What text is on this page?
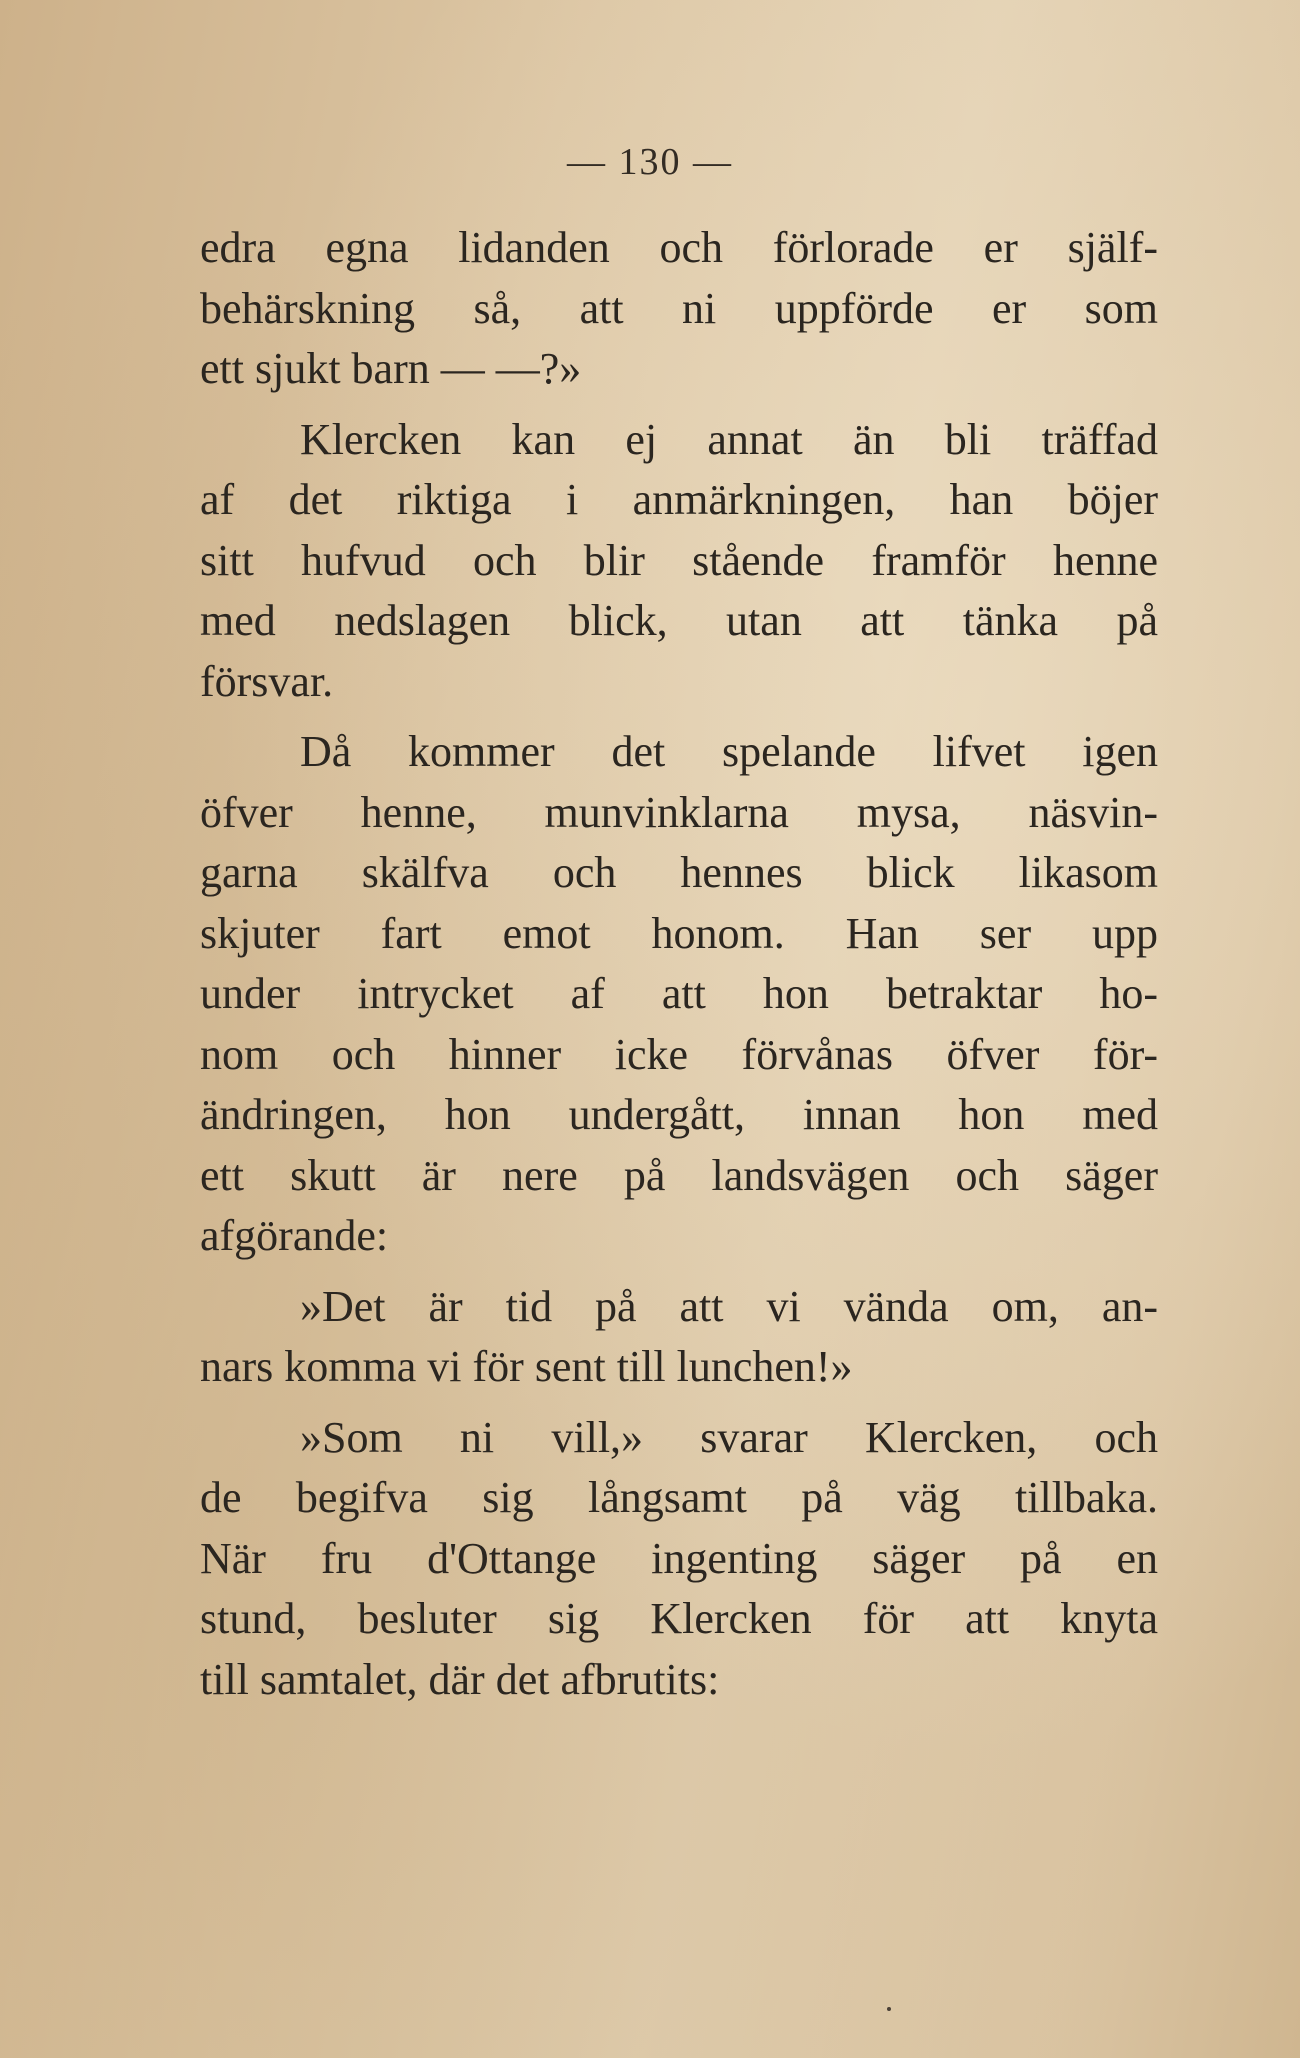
— 130 —

edra egna lidanden och förlorade er själf-
behärskning så, att ni uppförde er som
ett sjukt barn — —?»

Klercken kan ej annat än bli träffad
af det riktiga i anmärkningen, han böjer
sitt hufvud och blir stående framför henne
med nedslagen blick, utan att tänka på
försvar.

Då kommer det spelande lifvet igen
öfver henne, munvinklarna mysa, näsvin-
garna skälfva och hennes blick likasom
skjuter fart emot honom. Han ser upp
under intrycket af att hon betraktar ho-
nom och hinner icke förvånas öfver för-
ändringen, hon undergått, innan hon med
ett skutt är nere på landsvägen och säger
afgörande:

»Det är tid på att vi vända om, an-
nars komma vi för sent till lunchen!»

»Som ni vill,» svarar Klercken, och
de begifva sig långsamt på väg tillbaka.
När fru d'Ottange ingenting säger på en
stund, besluter sig Klercken för att knyta
till samtalet, där det afbrutits:
